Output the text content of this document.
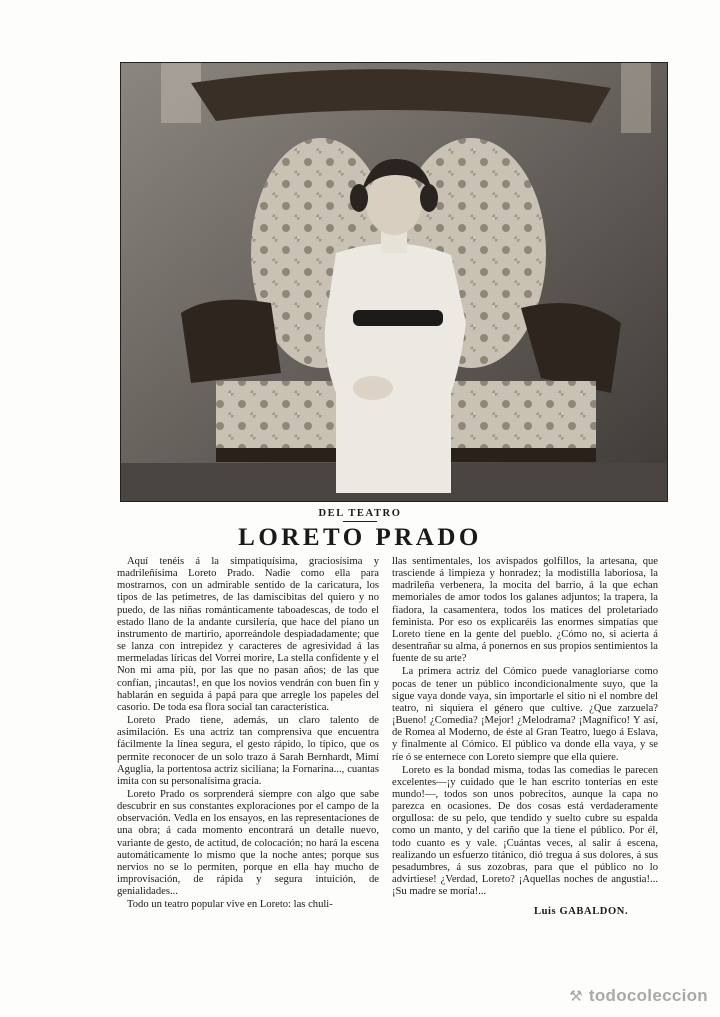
DEL TEATRO
LORETO PRADO

Aquí tenéis á la simpatiquísima, graciosísima y madrileñísima Loreto Prado. Nadie como ella para mostrarnos, con un admirable sentido de la caricatura, los tipos de las petimetres, de las damiscibitas del quiero y no puedo, de las niñas románticamente taboadescas, de todo el estado llano de la andante cursilería, que hace del piano un instrumento de martirio, aporreándole despiadadamente; que se lanza con intrepidez y caracteres de agresividad á las mermeladas líricas del Vorrei morire, La stella confidente y el Non mi ama più, por las que no pasan años; de las que confían, ¡incautas!, en que los novios vendrán con buen fin y hablarán en seguida á papá para que arregle los papeles del casorio. De toda esa flora social tan característica.

Loreto Prado tiene, además, un claro talento de asimilación. Es una actriz tan comprensiva que encuentra fácilmente la línea segura, el gesto rápido, lo típico, que os permite reconocer de un solo trazo á Sarah Bernhardt, Mimí Aguglia, la portentosa actriz siciliana; la Fornarina..., cuantas imita con su personalísima gracia.

Loreto Prado os sorprenderá siempre con algo que sabe descubrir en sus constantes exploraciones por el campo de la observación. Vedla en los ensayos, en las representaciones de una obra; á cada momento encontrará un detalle nuevo, variante de gesto, de actitud, de colocación; no hará la escena automáticamente lo mismo que la noche antes; porque sus nervios no se lo permiten, porque en ella hay mucho de improvisación, de rápida y segura intuición, de genialidades...

Todo un teatro popular vive en Loreto: las chuli-

llas sentimentales, los avispados golfillos, la artesana, que trasciende á limpieza y honradez; la modistilla laboriosa, la madrileña verbenera, la mocita del barrio, á la que echan memoriales de amor todos los galanes adjuntos; la trapera, la fiadora, la casamentera, todos los matices del proletariado feminista. Por eso os explicaréis las enormes simpatías que Loreto tiene en la gente del pueblo. ¿Cómo no, si acierta á desentrañar su alma, á ponernos en sus propios sentimientos la fuente de su arte?

La primera actriz del Cómico puede vanagloriarse como pocas de tener un público incondicionalmente suyo, que la sigue vaya donde vaya, sin importarle el sitio ni el nombre del teatro, ni siquiera el género que cultive. ¿Que zarzuela? ¡Bueno! ¿Comedia? ¡Mejor! ¿Melodrama? ¡Magnífico! Y así, de Romea al Moderno, de éste al Gran Teatro, luego á Eslava, y finalmente al Cómico. El público va donde ella vaya, y se ríe ó se enternece con Loreto siempre que ella quiere.

Loreto es la bondad misma, todas las comedias le parecen excelentes—¡y cuidado que le han escrito tonterías en este mundo!—, todos son unos pobrecitos, aunque la capa no parezca en ocasiones. De dos cosas está verdaderamente orgullosa: de su pelo, que tendido y suelto cubre su espalda como un manto, y del cariño que la tiene el público. Por él, todo cuanto es y vale. ¡Cuántas veces, al salir á escena, realizando un esfuerzo titánico, dió tregua á sus dolores, á sus pesadumbres, á sus zozobras, para que el público no lo advirtiese! ¿Verdad, Loreto? ¡Aquellas noches de angustia!... ¡Su madre se moría!...

Luis GABALDON.
⚒ todocoleccion
